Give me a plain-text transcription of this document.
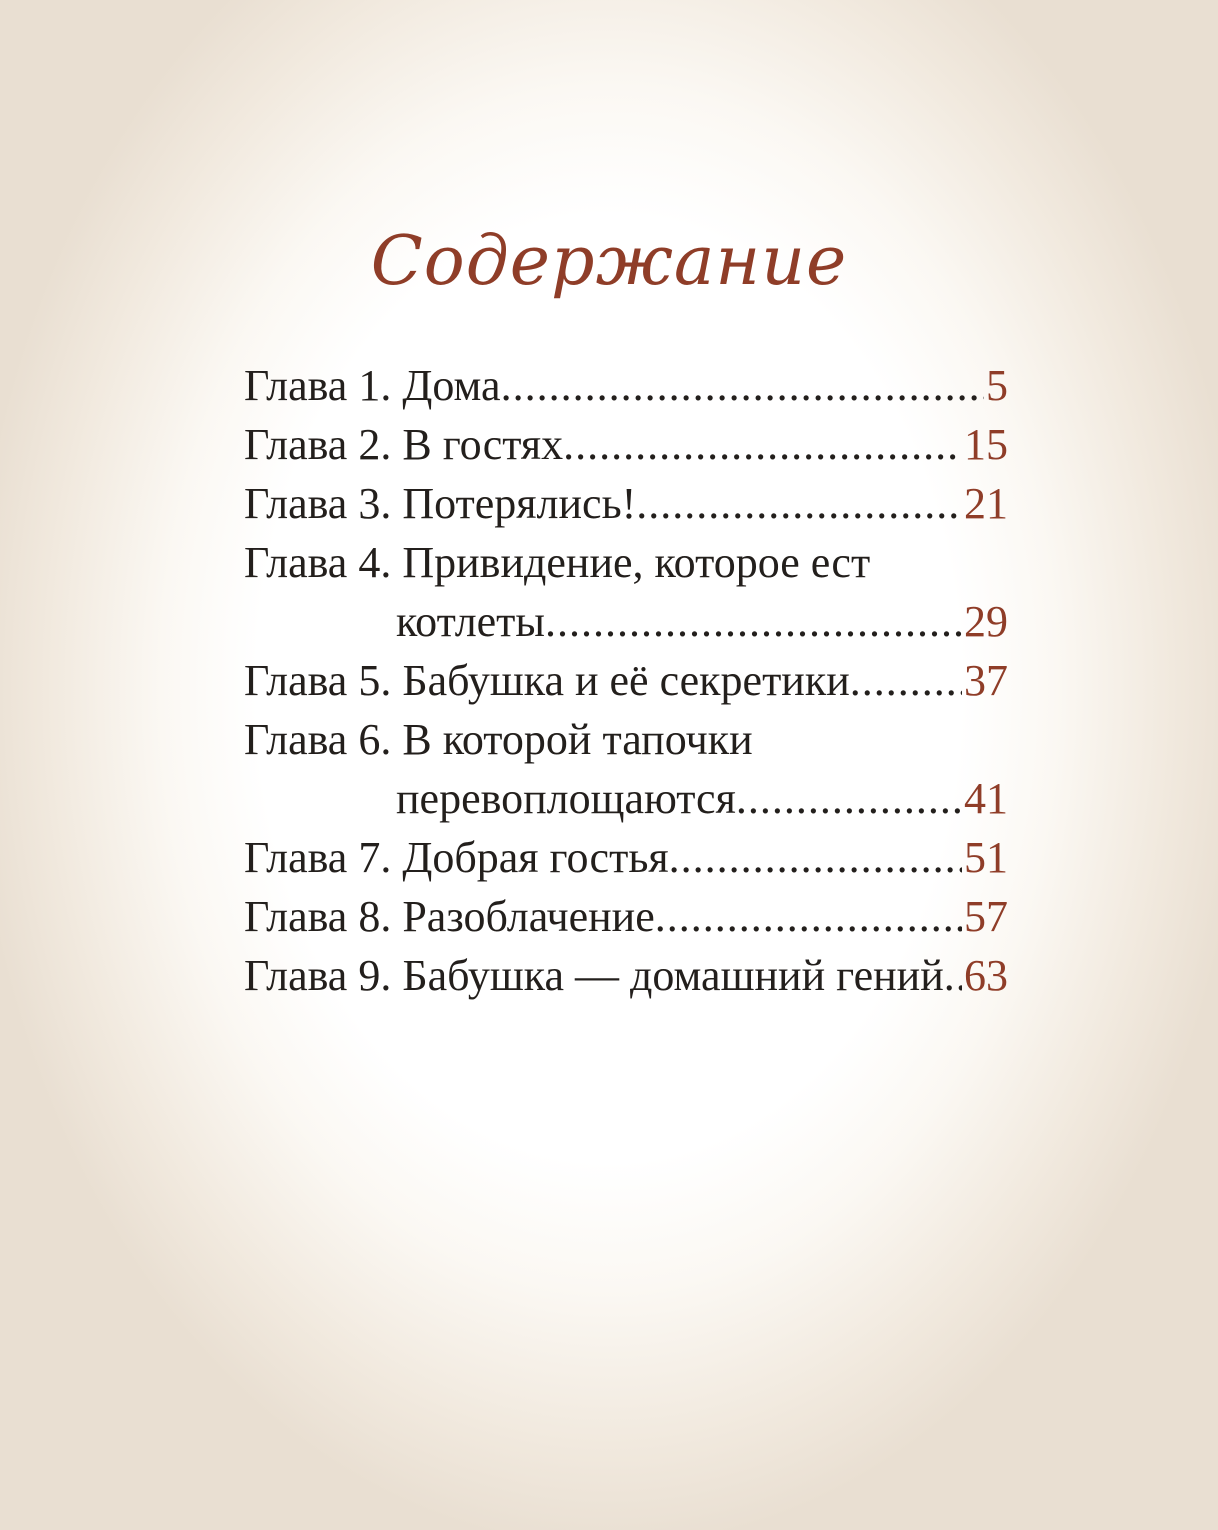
Содержание
Глава 1. Дома .....	5
Глава 2. В гостях .....	15
Глава 3. Потерялись! .....	21
Глава 4. Привидение, которое ест
котлеты .....	29
Глава 5. Бабушка и её секретики .....	37
Глава 6. В которой тапочки
перевоплощаются .....	41
Глава 7. Добрая гостья .....	51
Глава 8. Разоблачение .....	57
Глава 9. Бабушка — домашний гений ..... 63
